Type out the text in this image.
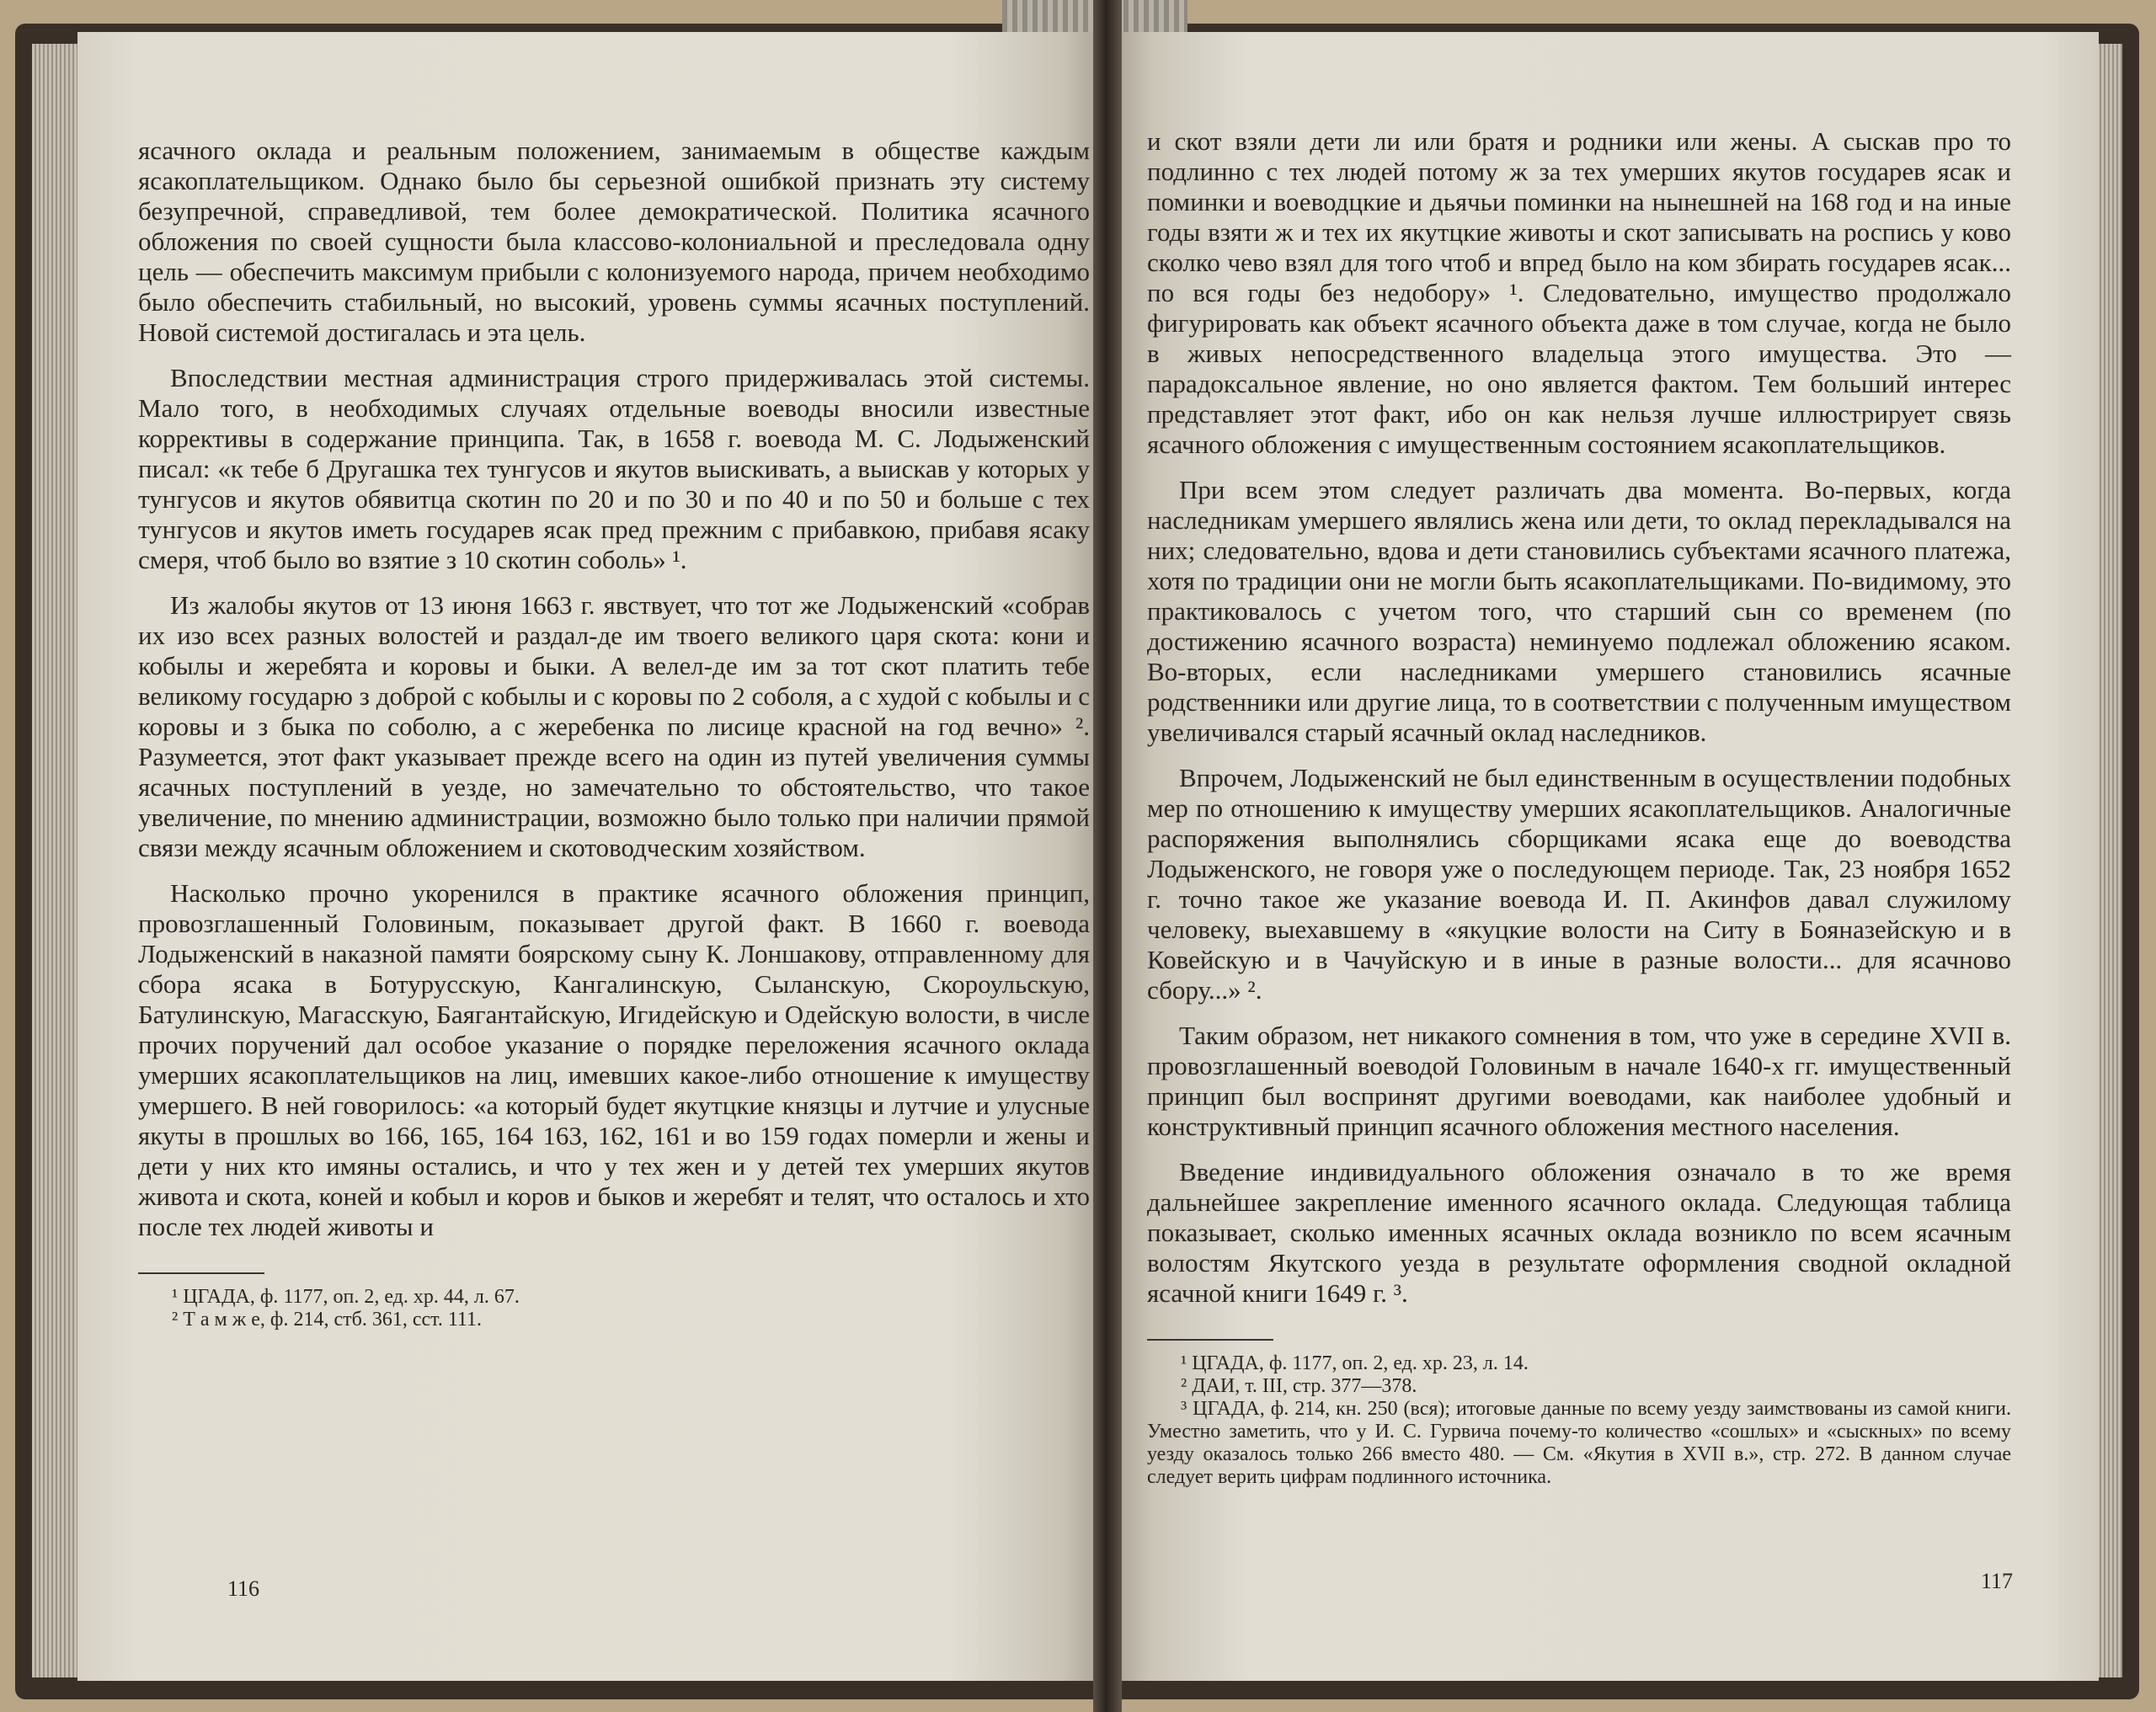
ясачного оклада и реальным положением, занимаемым в обществе каждым ясакоплательщиком. Однако было бы серьезной ошибкой признать эту систему безупречной, справедливой, тем более демократической. Политика ясачного обложения по своей сущности была классово-колониальной и преследовала одну цель — обеспечить максимум прибыли с колонизуемого народа, причем необходимо было обеспечить стабильный, но высокий, уровень суммы ясачных поступлений. Новой системой достигалась и эта цель.

Впоследствии местная администрация строго придерживалась этой системы. Мало того, в необходимых случаях отдельные воеводы вносили известные коррективы в содержание принципа. Так, в 1658 г. воевода М. С. Лодыженский писал: «к тебе б Другашка тех тунгусов и якутов выискивать, а выискав у которых у тунгусов и якутов обявитца скотин по 20 и по 30 и по 40 и по 50 и больше с тех тунгусов и якутов иметь государев ясак пред прежним с прибавкою, прибавя ясаку смеря, чтоб было во взятие з 10 скотин соболь» ¹.

Из жалобы якутов от 13 июня 1663 г. явствует, что тот же Лодыженский «собрав их изо всех разных волостей и раздал-де им твоего великого царя скота: кони и кобылы и жеребята и коровы и быки. А велел-де им за тот скот платить тебе великому государю з доброй с кобылы и с коровы по 2 соболя, а с худой с кобылы и с коровы и з быка по соболю, а с жеребенка по лисице красной на год вечно» ². Разумеется, этот факт указывает прежде всего на один из путей увеличения суммы ясачных поступлений в уезде, но замечательно то обстоятельство, что такое увеличение, по мнению администрации, возможно было только при наличии прямой связи между ясачным обложением и скотоводческим хозяйством.

Насколько прочно укоренился в практике ясачного обложения принцип, провозглашенный Головиным, показывает другой факт. В 1660 г. воевода Лодыженский в наказной памяти боярскому сыну К. Лоншакову, отправленному для сбора ясака в Ботурусскую, Кангалинскую, Сыланскую, Скороульскую, Батулинскую, Магасскую, Баягантайскую, Игидейскую и Одейскую волости, в числе прочих поручений дал особое указание о порядке переложения ясачного оклада умерших ясакоплательщиков на лиц, имевших какое-либо отношение к имуществу умершего. В ней говорилось: «а который будет якутцкие князцы и лутчие и улусные якуты в прошлых во 166, 165, 164 163, 162, 161 и во 159 годах померли и жены и дети у них кто имяны остались, и что у тех жен и у детей тех умерших якутов живота и скота, коней и кобыл и коров и быков и жеребят и телят, что осталось и хто после тех людей животы и

¹ ЦГАДА, ф. 1177, оп. 2, ед. хр. 44, л. 67.
² Т а м ж е, ф. 214, стб. 361, сст. 111.
116

и скот взяли дети ли или братя и родники или жены. А сыскав про то подлинно с тех людей потому ж за тех умерших якутов государев ясак и поминки и воеводцкие и дьячьи поминки на нынешней на 168 год и на иные годы взяти ж и тех их якутцкие животы и скот записывать на роспись у ково сколко чево взял для того чтоб и впред было на ком збирать государев ясак... по вся годы без недобору» ¹. Следовательно, имущество продолжало фигурировать как объект ясачного объекта даже в том случае, когда не было в живых непосредственного владельца этого имущества. Это — парадоксальное явление, но оно является фактом. Тем больший интерес представляет этот факт, ибо он как нельзя лучше иллюстрирует связь ясачного обложения с имущественным состоянием ясакоплательщиков.

При всем этом следует различать два момента. Во-первых, когда наследникам умершего являлись жена или дети, то оклад перекладывался на них; следовательно, вдова и дети становились субъектами ясачного платежа, хотя по традиции они не могли быть ясакоплательщиками. По-видимому, это практиковалось с учетом того, что старший сын со временем (по достижению ясачного возраста) неминуемо подлежал обложению ясаком. Во-вторых, если наследниками умершего становились ясачные родственники или другие лица, то в соответствии с полученным имуществом увеличивался старый ясачный оклад наследников.

Впрочем, Лодыженский не был единственным в осуществлении подобных мер по отношению к имуществу умерших ясакоплательщиков. Аналогичные распоряжения выполнялись сборщиками ясака еще до воеводства Лодыженского, не говоря уже о последующем периоде. Так, 23 ноября 1652 г. точно такое же указание воевода И. П. Акинфов давал служилому человеку, выехавшему в «якуцкие волости на Ситу в Бояназейскую и в Ковейскую и в Чачуйскую и в иные в разные волости... для ясачново сбору...» ².

Таким образом, нет никакого сомнения в том, что уже в середине XVII в. провозглашенный воеводой Головиным в начале 1640-х гг. имущественный принцип был воспринят другими воеводами, как наиболее удобный и конструктивный принцип ясачного обложения местного населения.

Введение индивидуального обложения означало в то же время дальнейшее закрепление именного ясачного оклада. Следующая таблица показывает, сколько именных ясачных оклада возникло по всем ясачным волостям Якутского уезда в результате оформления сводной окладной ясачной книги 1649 г. ³.

¹ ЦГАДА, ф. 1177, оп. 2, ед. хр. 23, л. 14.
² ДАИ, т. III, стр. 377—378.
³ ЦГАДА, ф. 214, кн. 250 (вся); итоговые данные по всему уезду заимствованы из самой книги. Уместно заметить, что у И. С. Гурвича почему-то количество «сошлых» и «сыскных» по всему уезду оказалось только 266 вместо 480. — См. «Якутия в XVII в.», стр. 272. В данном случае следует верить цифрам подлинного источника.
117
